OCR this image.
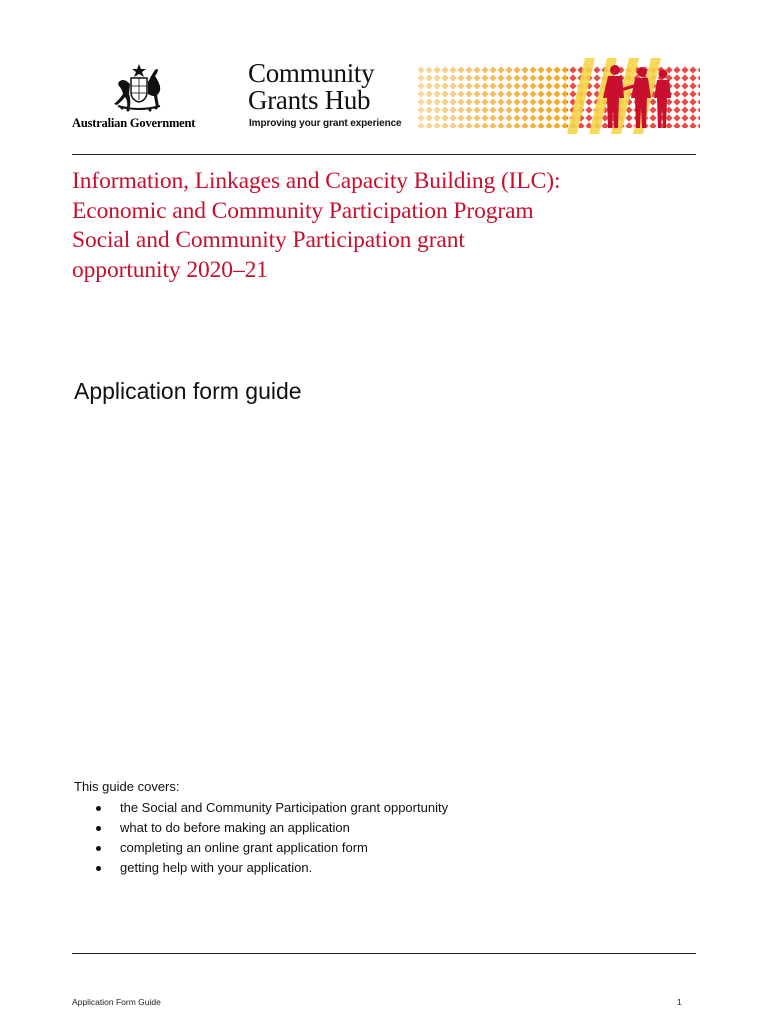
Australian Government
Community
Grants Hub
Improving your grant experience
Information, Linkages and Capacity Building (ILC):
Economic and Community Participation Program
Social and Community Participation grant
opportunity 2020–21
Application form guide
This guide covers:
the Social and Community Participation grant opportunity
what to do before making an application
completing an online grant application form
getting help with your application.
Application Form Guide	1
